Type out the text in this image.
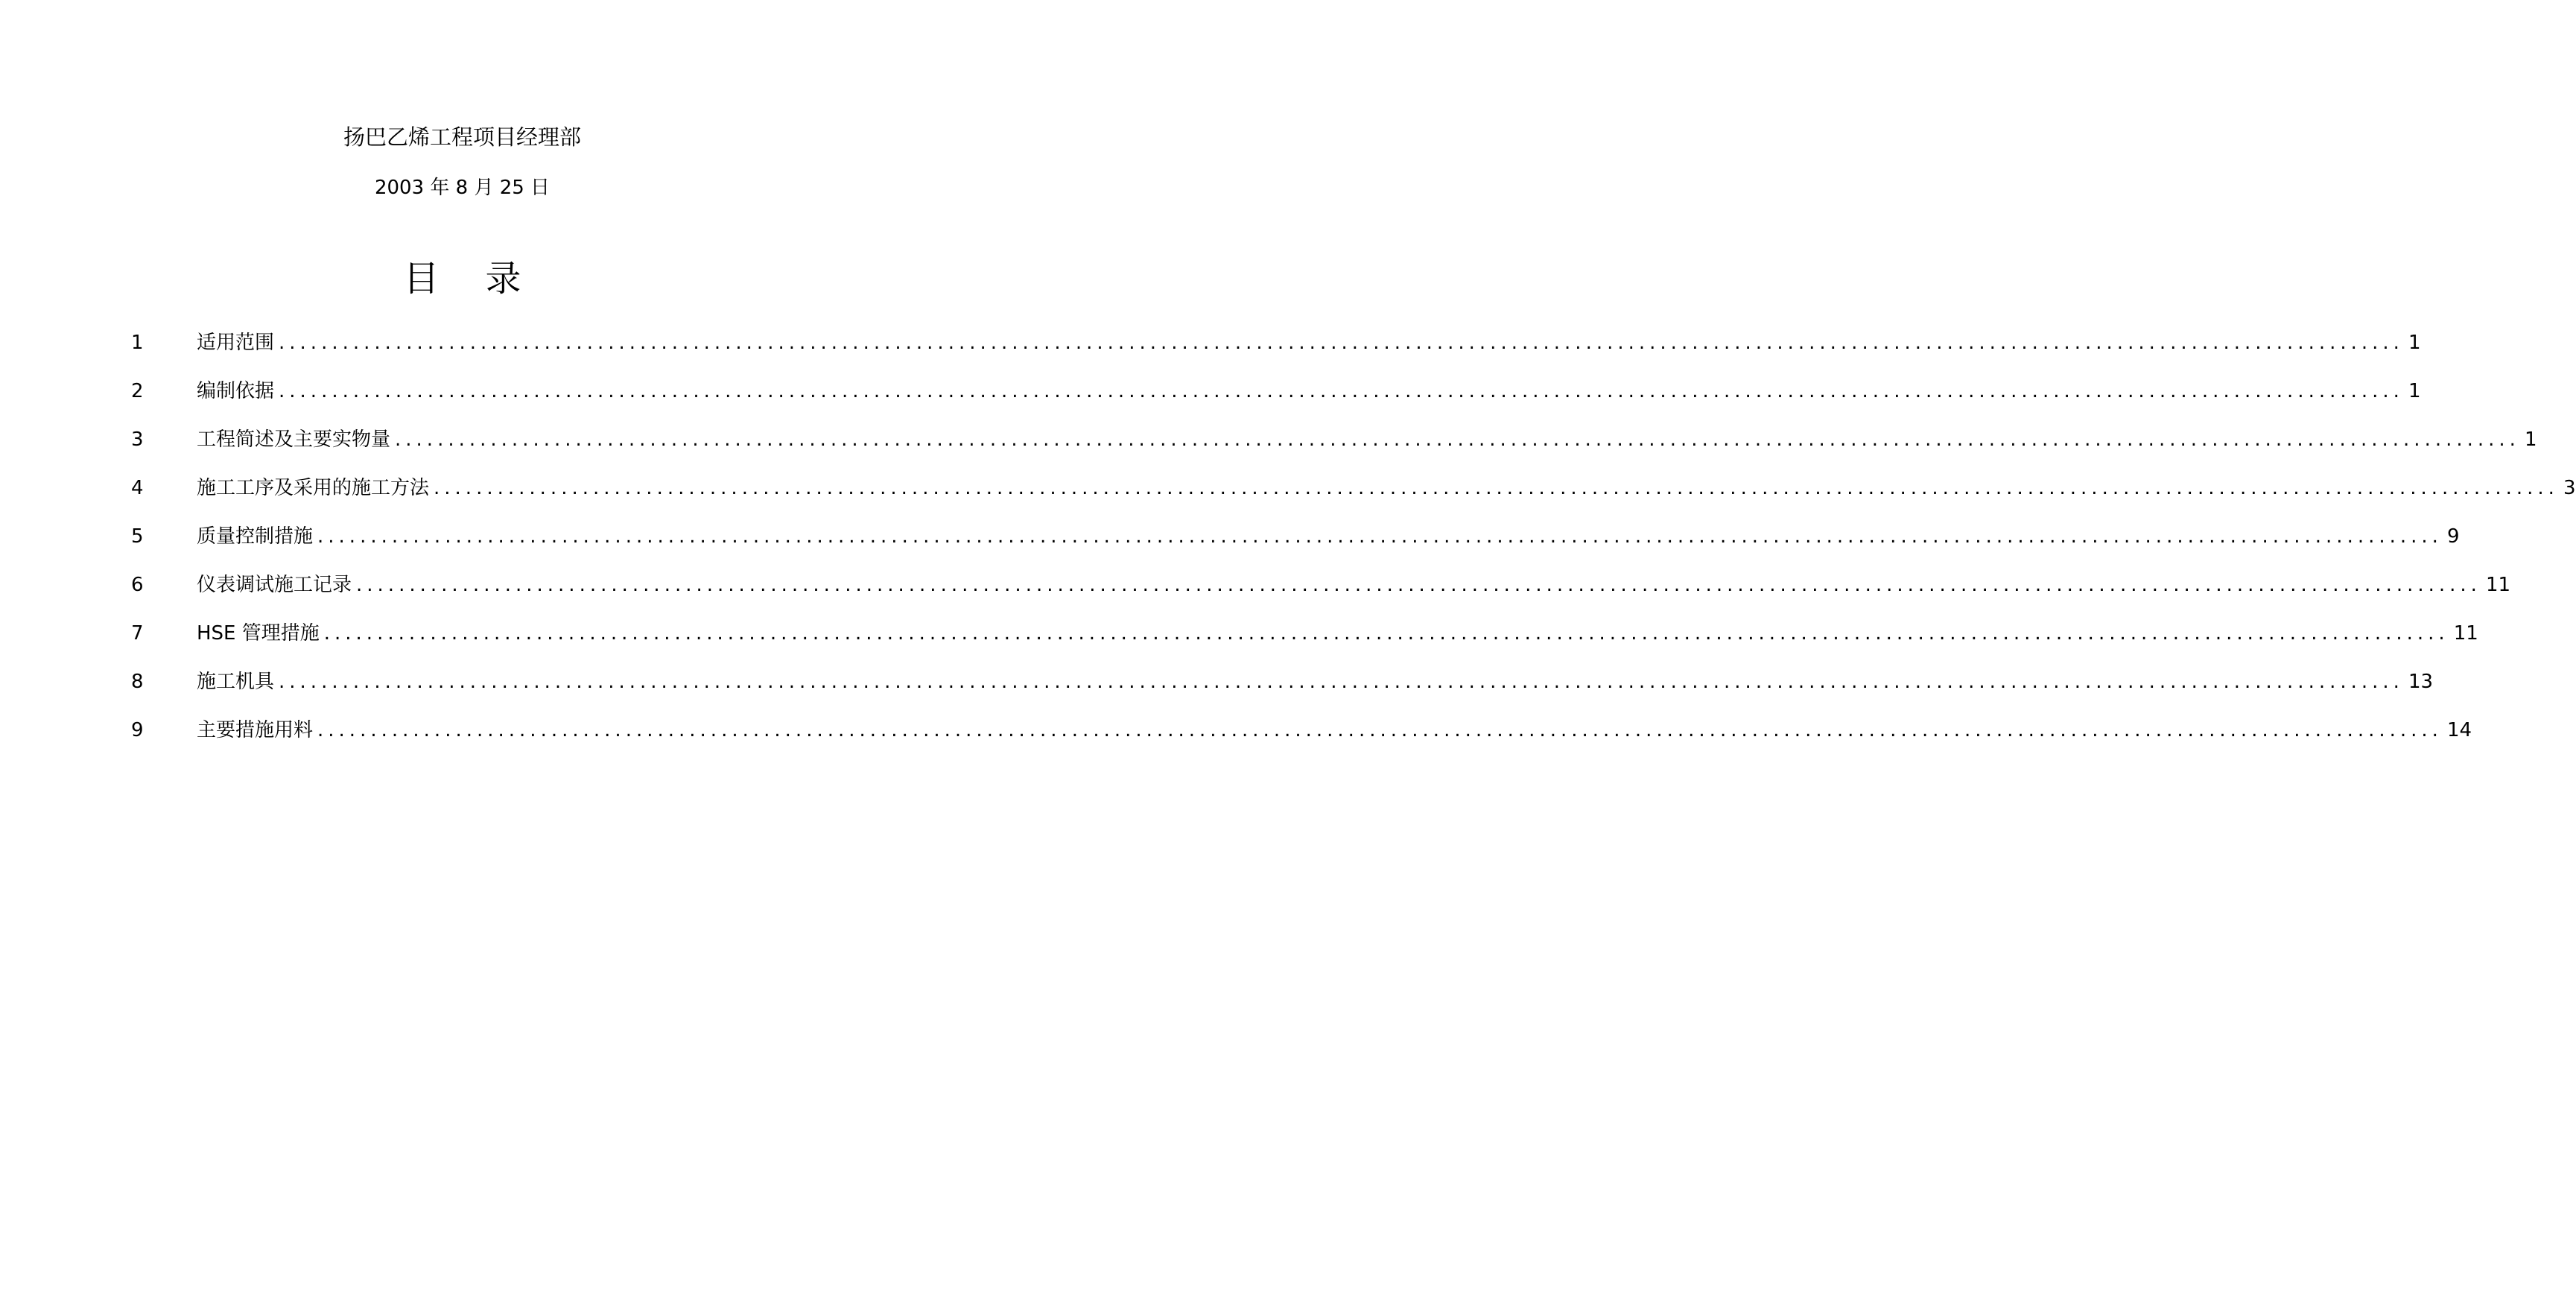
扬巴乙烯工程项目经理部
2003 年 8 月 25 日
目录
1	适用范围 ........................................................................................................................................................................................................ 1
2	编制依据 ........................................................................................................................................................................................................ 1
3	工程简述及主要实物量 ........................................................................................................................................................................................................ 1
4	施工工序及采用的施工方法 ........................................................................................................................................................................................................ 3
5	质量控制措施 ........................................................................................................................................................................................................ 9
6	仪表调试施工记录 ........................................................................................................................................................................................................ 11
7	HSE 管理措施 ........................................................................................................................................................................................................ 11
8	施工机具 ........................................................................................................................................................................................................ 13
9	主要措施用料 ........................................................................................................................................................................................................ 14
